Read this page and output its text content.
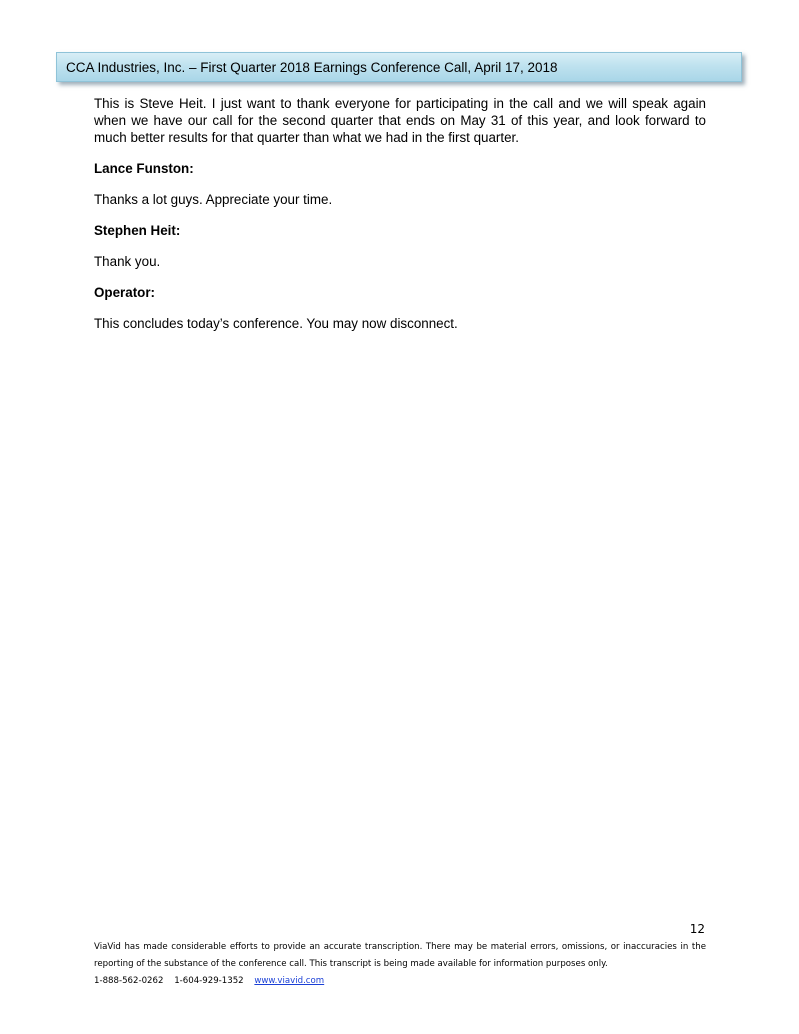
CCA Industries, Inc. – First Quarter 2018 Earnings Conference Call, April 17, 2018

This is Steve Heit. I just want to thank everyone for participating in the call and we will speak again when we have our call for the second quarter that ends on May 31 of this year, and look forward to much better results for that quarter than what we had in the first quarter.

Lance Funston:

Thanks a lot guys. Appreciate your time.

Stephen Heit:

Thank you.

Operator:

This concludes today’s conference. You may now disconnect.

12

ViaVid has made considerable efforts to provide an accurate transcription. There may be material errors, omissions, or inaccuracies in the reporting of the substance of the conference call. This transcript is being made available for information purposes only.

1-888-562-0262 1-604-929-1352 www.viavid.com
